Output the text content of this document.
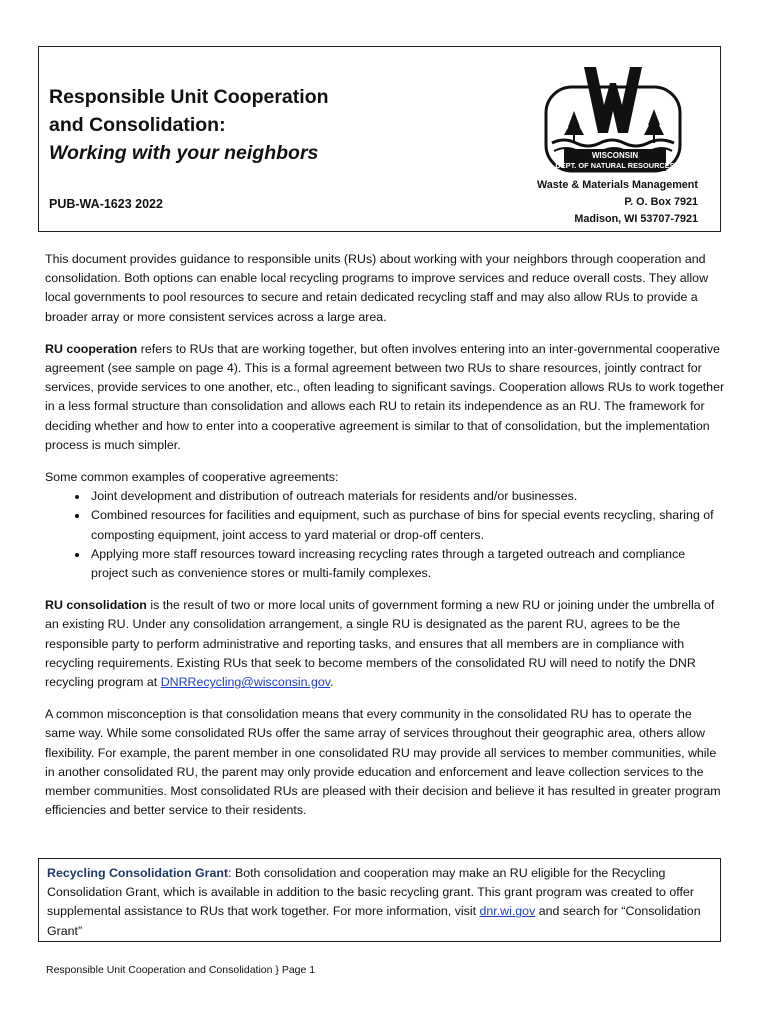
Responsible Unit Cooperation
and Consolidation:
Working with your neighbors
PUB-WA-1623 2022
WISCONSIN
DEPT. OF NATURAL RESOURCES
Waste & Materials Management
P. O. Box 7921
Madison, WI 53707-7921

This document provides guidance to responsible units (RUs) about working with your neighbors through cooperation and consolidation. Both options can enable local recycling programs to improve services and reduce overall costs. They allow local governments to pool resources to secure and retain dedicated recycling staff and may also allow RUs to provide a broader array or more consistent services across a large area.

RU cooperation refers to RUs that are working together, but often involves entering into an inter-governmental cooperative agreement (see sample on page 4). This is a formal agreement between two RUs to share resources, jointly contract for services, provide services to one another, etc., often leading to significant savings. Cooperation allows RUs to work together in a less formal structure than consolidation and allows each RU to retain its independence as an RU. The framework for deciding whether and how to enter into a cooperative agreement is similar to that of consolidation, but the implementation process is much simpler.

Some common examples of cooperative agreements:
• Joint development and distribution of outreach materials for residents and/or businesses.
• Combined resources for facilities and equipment, such as purchase of bins for special events recycling, sharing of composting equipment, joint access to yard material or drop-off centers.
• Applying more staff resources toward increasing recycling rates through a targeted outreach and compliance project such as convenience stores or multi-family complexes.

RU consolidation is the result of two or more local units of government forming a new RU or joining under the umbrella of an existing RU. Under any consolidation arrangement, a single RU is designated as the parent RU, agrees to be the responsible party to perform administrative and reporting tasks, and ensures that all members are in compliance with recycling requirements. Existing RUs that seek to become members of the consolidated RU will need to notify the DNR recycling program at DNRRecycling@wisconsin.gov.

A common misconception is that consolidation means that every community in the consolidated RU has to operate the same way. While some consolidated RUs offer the same array of services throughout their geographic area, others allow flexibility. For example, the parent member in one consolidated RU may provide all services to member communities, while in another consolidated RU, the parent may only provide education and enforcement and leave collection services to the member communities. Most consolidated RUs are pleased with their decision and believe it has resulted in greater program efficiencies and better service to their residents.

Recycling Consolidation Grant: Both consolidation and cooperation may make an RU eligible for the Recycling Consolidation Grant, which is available in addition to the basic recycling grant. This grant program was created to offer supplemental assistance to RUs that work together. For more information, visit dnr.wi.gov and search for “Consolidation Grant”
Responsible Unit Cooperation and Consolidation } Page 1
